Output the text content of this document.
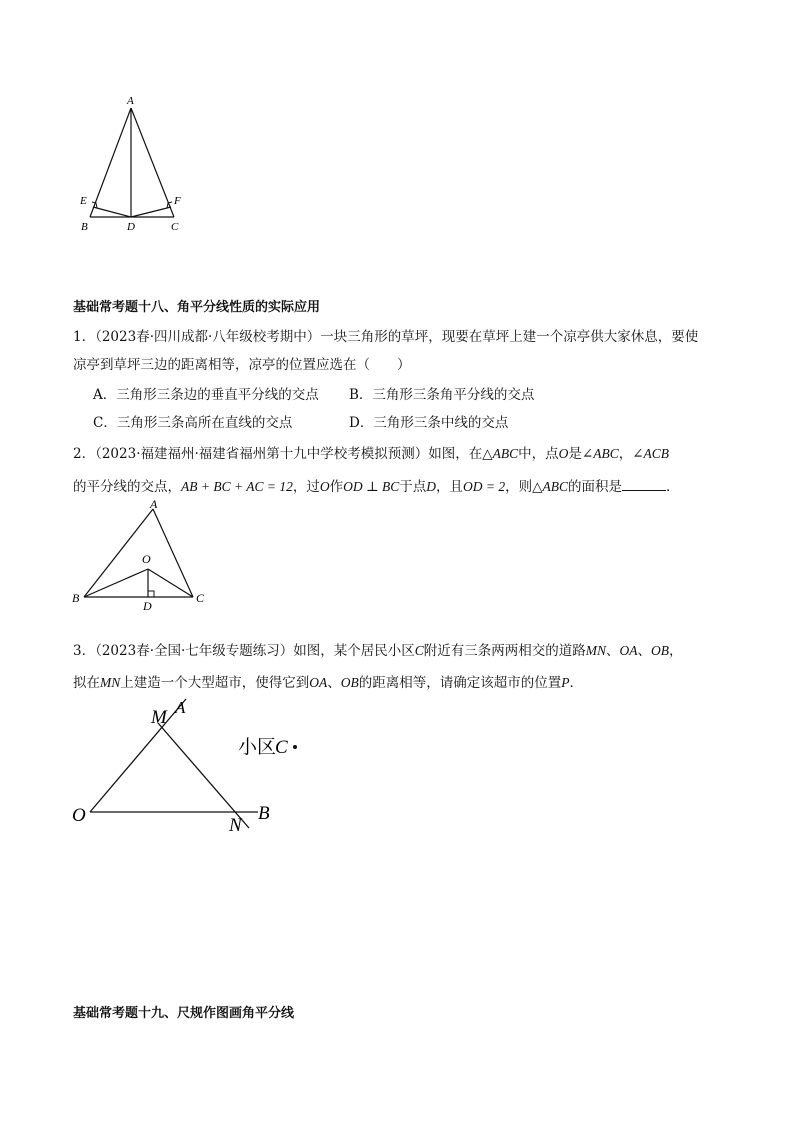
A
E	F
B	D	C
基础常考题十八、角平分线性质的实际应用
1．（2023春·四川成都·八年级校考期中）一块三角形的草坪，现要在草坪上建一个凉亭供大家休息，要使
凉亭到草坪三边的距离相等，凉亭的位置应选在（　　）
A．三角形三条边的垂直平分线的交点 B．三角形三条角平分线的交点
C．三角形三条高所在直线的交点	D．三角形三条中线的交点
2．（2023·福建福州·福建省福州第十九中学校考模拟预测）如图，在△ABC中，点O是∠ABC，∠ACB
的平分线的交点，AB + BC + AC = 12，过O作OD ⊥ BC于点D，且OD = 2，则△ABC的面积是	．
A
O
B	C
D
3．（2023春·全国·七年级专题练习）如图，某个居民小区C附近有三条两两相交的道路MN、OA、OB，
拟在MN上建造一个大型超市，使得它到OA、OB的距离相等，请确定该超市的位置P．
M A
O	N
B
小区
C
基础常考题十九、尺规作图画角平分线
